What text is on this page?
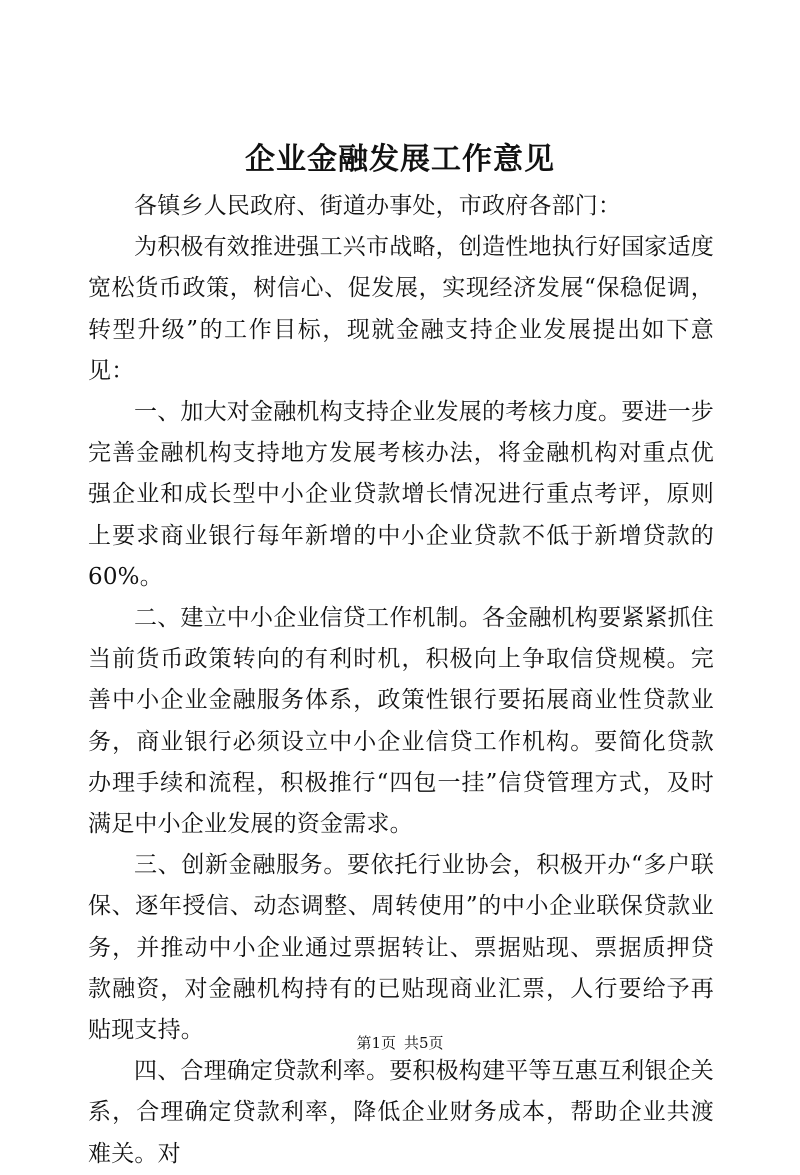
企业金融发展工作意见

各镇乡人民政府、街道办事处，市政府各部门：

为积极有效推进强工兴市战略，创造性地执行好国家适度宽松货币政策，树信心、促发展，实现经济发展“保稳促调，转型升级”的工作目标，现就金融支持企业发展提出如下意见：

一、加大对金融机构支持企业发展的考核力度。要进一步完善金融机构支持地方发展考核办法，将金融机构对重点优强企业和成长型中小企业贷款增长情况进行重点考评，原则上要求商业银行每年新增的中小企业贷款不低于新增贷款的60%。

二、建立中小企业信贷工作机制。各金融机构要紧紧抓住当前货币政策转向的有利时机，积极向上争取信贷规模。完善中小企业金融服务体系，政策性银行要拓展商业性贷款业务，商业银行必须设立中小企业信贷工作机构。要简化贷款办理手续和流程，积极推行“四包一挂”信贷管理方式，及时满足中小企业发展的资金需求。

三、创新金融服务。要依托行业协会，积极开办“多户联保、逐年授信、动态调整、周转使用”的中小企业联保贷款业务，并推动中小企业通过票据转让、票据贴现、票据质押贷款融资，对金融机构持有的已贴现商业汇票，人行要给予再贴现支持。

四、合理确定贷款利率。要积极构建平等互惠互利银企关系，合理确定贷款利率，降低企业财务成本，帮助企业共渡难关。对

第1页 共5页
